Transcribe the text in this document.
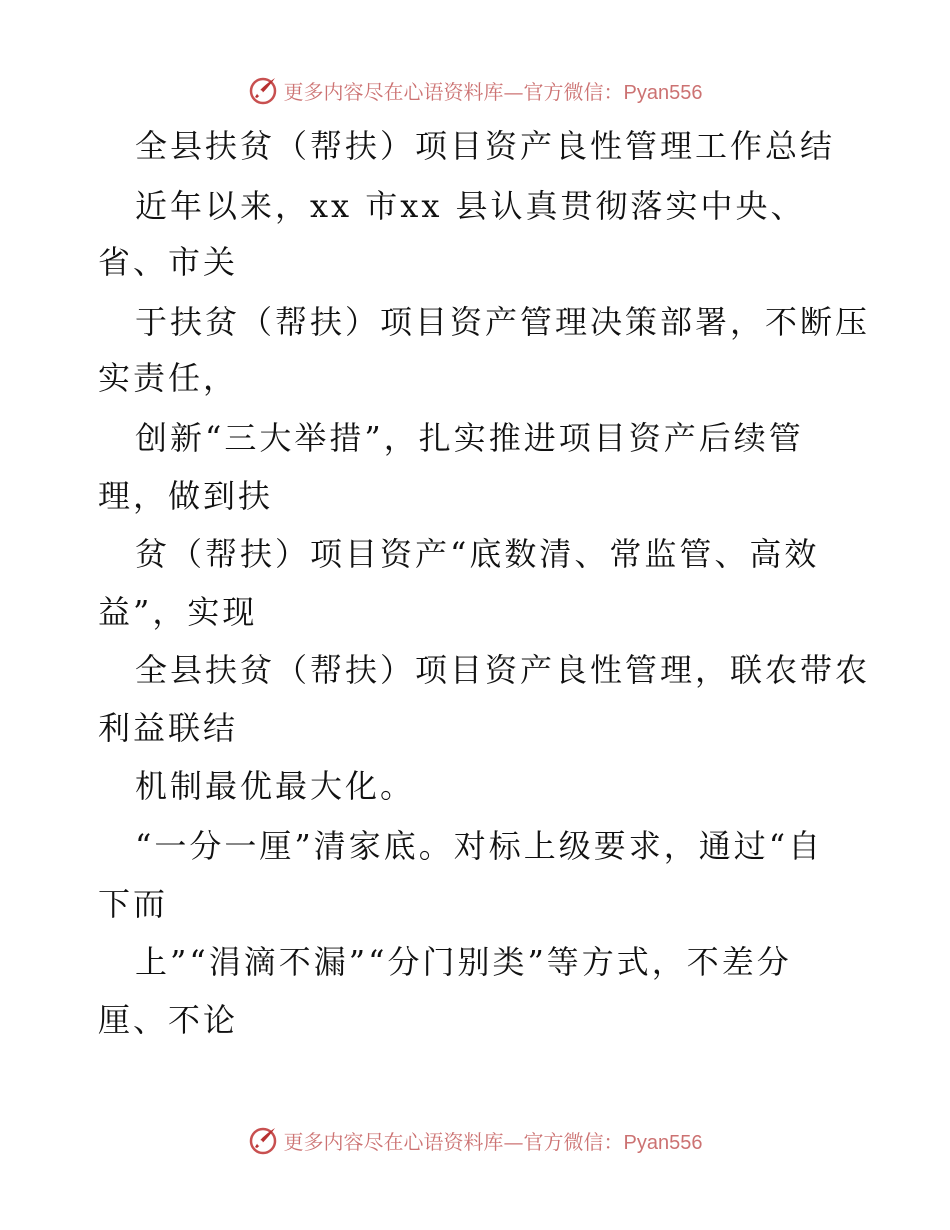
更多内容尽在心语资料库—官方微信：Pyan556
全县扶贫（帮扶）项目资产良性管理工作总结
近年以来，xx 市xx 县认真贯彻落实中央、
省、市关
于扶贫（帮扶）项目资产管理决策部署，不断压
实责任，
创新“三大举措”，扎实推进项目资产后续管
理，做到扶
贫（帮扶）项目资产“底数清、常监管、高效
益”，实现
全县扶贫（帮扶）项目资产良性管理，联农带农
利益联结
机制最优最大化。
“一分一厘”清家底。对标上级要求，通过“自
下而
上”“涓滴不漏”“分门别类”等方式，不差分
厘、不论
更多内容尽在心语资料库—官方微信：Pyan556
